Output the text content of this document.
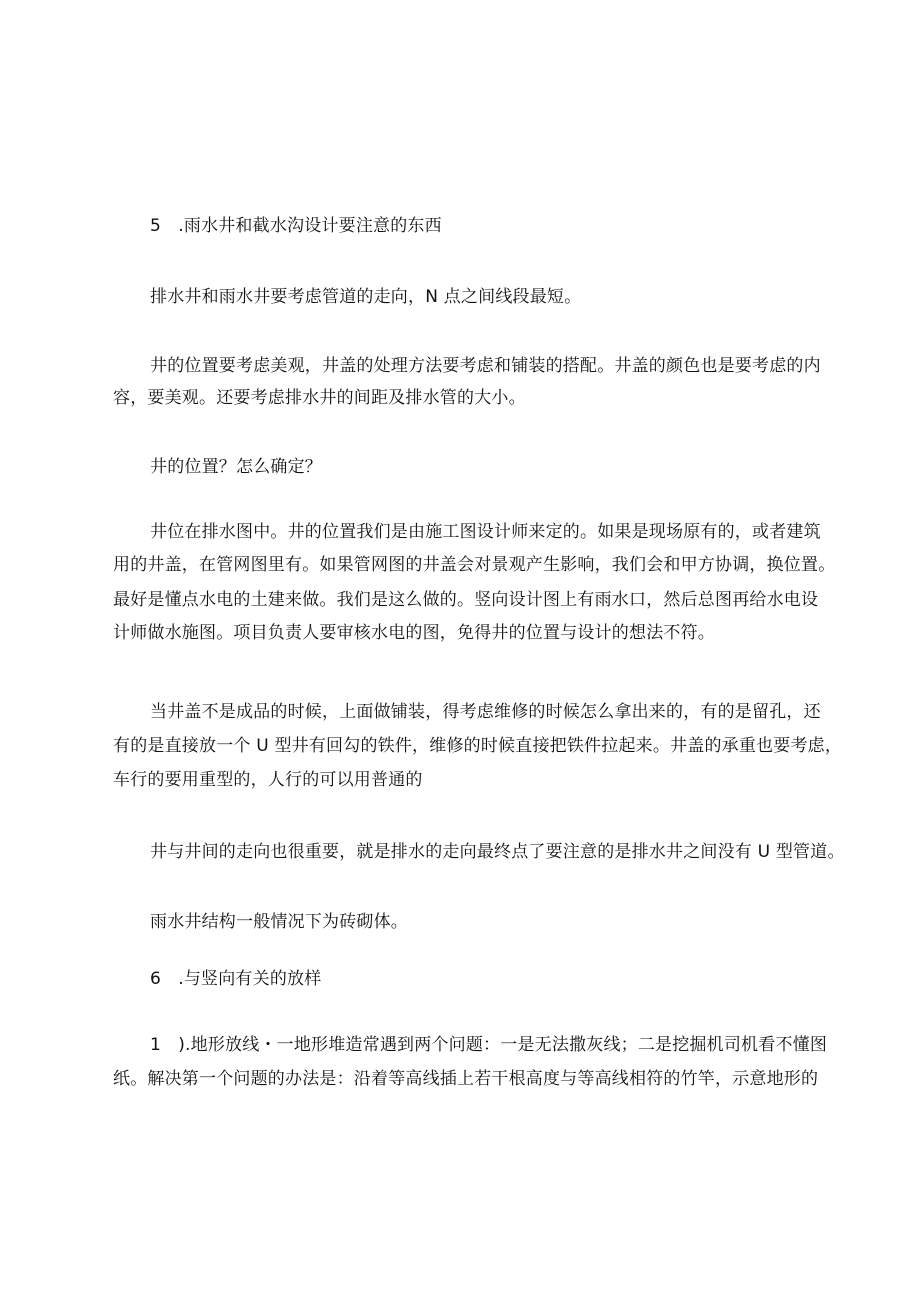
5　.雨水井和截水沟设计要注意的东西
排水井和雨水井要考虑管道的走向，N 点之间线段最短。
井的位置要考虑美观，井盖的处理方法要考虑和铺装的搭配。井盖的颜色也是要考虑的内
容，要美观。还要考虑排水井的间距及排水管的大小。
井的位置？怎么确定？
井位在排水图中。井的位置我们是由施工图设计师来定的。如果是现场原有的，或者建筑
用的井盖，在管网图里有。如果管网图的井盖会对景观产生影响，我们会和甲方协调，换位置。
最好是懂点水电的土建来做。我们是这么做的。竖向设计图上有雨水口，然后总图再给水电设
计师做水施图。项目负责人要审核水电的图，免得井的位置与设计的想法不符。
当井盖不是成品的时候，上面做铺装，得考虑维修的时候怎么拿出来的，有的是留孔，还
有的是直接放一个 U 型井有回勾的铁件，维修的时候直接把铁件拉起来。井盖的承重也要考虑，
车行的要用重型的，人行的可以用普通的
井与井间的走向也很重要，就是排水的走向最终点了要注意的是排水井之间没有 U 型管道。
雨水井结构一般情况下为砖砌体。
6　.与竖向有关的放样
1　).地形放线・一地形堆造常遇到两个问题：一是无法撒灰线；二是挖掘机司机看不懂图
纸。解决第一个问题的办法是：沿着等高线插上若干根高度与等高线相符的竹竿，示意地形的
